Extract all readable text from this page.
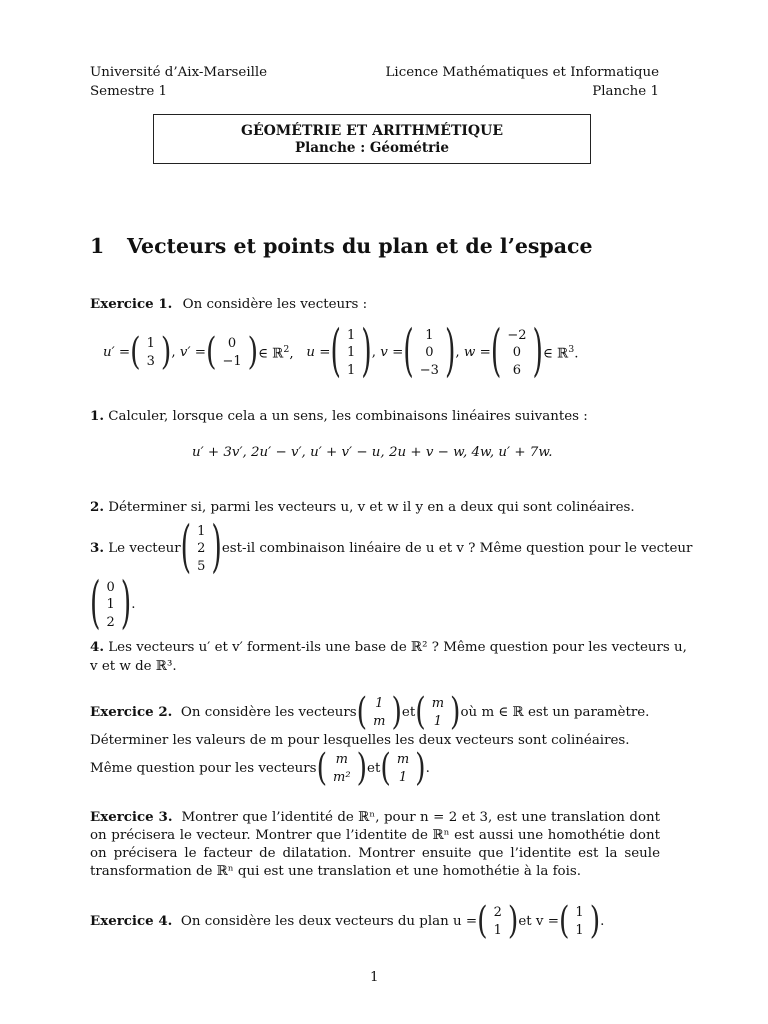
Université d’Aix-Marseille
Semestre 1
Licence Mathématiques et Informatique
Planche 1
GÉOMÉTRIE ET ARITHMÉTIQUE
Planche : Géométrie
1 Vecteurs et points du plan et de l’espace
Exercice 1. On considère les vecteurs :
u′ = ( 1
3 ) , v′ = ( 0
−1 ) ∈ ℝ$^2$, u = ( 1
1
1 ) , v = ( 1
0
−3 ) , w = ( −2
0
6 ) ∈ ℝ$^3$.
1. Calculer, lorsque cela a un sens, les combinaisons linéaires suivantes :
u′ + 3v′, 2u′ − v′, u′ + v′ − u, 2u + v − w, 4w, u′ + 7w.
2. Déterminer si, parmi les vecteurs u, v et w il y en a deux qui sont colinéaires.
3.
Le vecteur ( 1
2
5 ) est-il combinaison linéaire de u et v ? Même question pour le vecteur
( 0
1
2 ) .
4. Les vecteurs u′ et v′ forment-ils une base de ℝ² ? Même question pour les vecteurs u,
v et w de ℝ³.
Exercice 2.
On considère les vecteurs ( 1
m ) et ( m
1 ) où m ∈ ℝ est un paramètre.
Déterminer les valeurs de m pour lesquelles les deux vecteurs sont colinéaires.
Même question pour les vecteurs ( m
m² ) et ( m
1 ) .
Exercice 3. Montrer que l’identité de ℝⁿ, pour n = 2 et 3, est une translation dont on précisera le vecteur. Montrer que l’identite de ℝⁿ est aussi une homothétie dont on précisera le facteur de dilatation. Montrer ensuite que l’identite est la seule transformation de ℝⁿ qui est une translation et une homothétie à la fois.
Exercice 4.
On considère les deux vecteurs du plan u = ( 2
1 ) et v = ( 1
1 ) .
1
